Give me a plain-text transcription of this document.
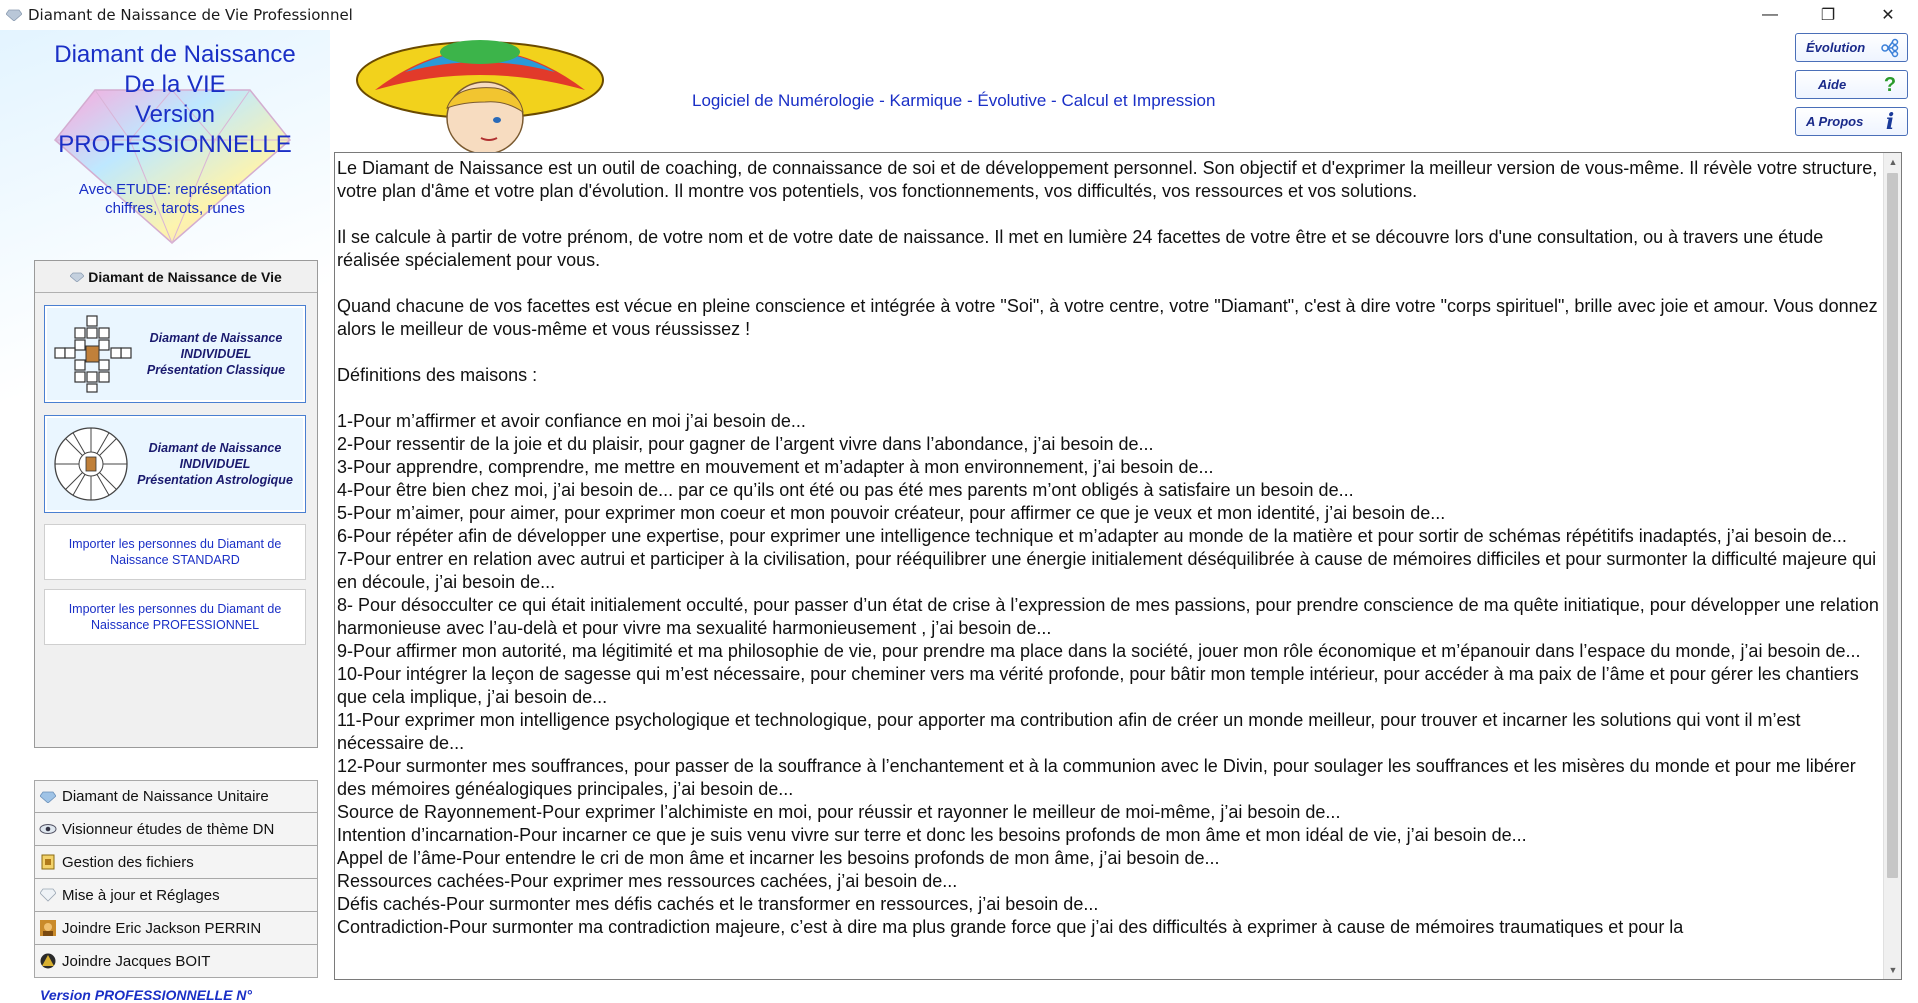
Diamant de Naissance de Vie Professionnel	—	❐	✕
Diamant de Naissance
De la VIE
Version
PROFESSIONNELLE
Avec ETUDE: représentation
chiffres, tarots, runes
Diamant de Naissance de Vie
Diamant de Naissance
INDIVIDUEL
Présentation Classique
Diamant de Naissance
INDIVIDUEL
Présentation Astrologique
Importer les personnes du Diamant de Naissance STANDARD
Importer les personnes du Diamant de Naissance PROFESSIONNEL
Diamant de Naissance Unitaire
Visionneur études de thème DN
Gestion des fichiers
Mise à jour et Réglages
Joindre Eric Jackson PERRIN
Joindre Jacques BOIT
Version PROFESSIONNELLE N°
Logiciel de Numérologie - Karmique - Évolutive - Calcul et Impression
Évolution
Aide ?
A Propos	i

Le Diamant de Naissance est un outil de coaching, de connaissance de soi et de développement personnel. Son objectif et d'exprimer la meilleur version de vous-même. Il révèle votre structure, votre plan d'âme et votre plan d'évolution. Il montre vos potentiels, vos fonctionnements, vos difficultés, vos ressources et vos solutions.

Il se calcule à partir de votre prénom, de votre nom et de votre date de naissance. Il met en lumière 24 facettes de votre être et se découvre lors d'une consultation, ou à travers une étude réalisée spécialement pour vous.

Quand chacune de vos facettes est vécue en pleine conscience et intégrée à votre "Soi", à votre centre, votre "Diamant", c'est à dire votre "corps spirituel", brille avec joie et amour. Vous donnez alors le meilleur de vous-même et vous réussissez !

Définitions des maisons :

1-Pour m’affirmer et avoir confiance en moi j’ai besoin de...

2-Pour ressentir de la joie et du plaisir, pour gagner de l’argent vivre dans l’abondance, j’ai besoin de...

3-Pour apprendre, comprendre, me mettre en mouvement et m’adapter à mon environnement, j’ai besoin de...

4-Pour être bien chez moi, j’ai besoin de... par ce qu’ils ont été ou pas été mes parents m’ont obligés à satisfaire un besoin de...

5-Pour m’aimer, pour aimer, pour exprimer mon coeur et mon pouvoir créateur, pour affirmer ce que je veux et mon identité, j’ai besoin de...

6-Pour répéter afin de développer une expertise, pour exprimer une intelligence technique et m’adapter au monde de la matière et pour sortir de schémas répétitifs inadaptés, j’ai besoin de...

7-Pour entrer en relation avec autrui et participer à la civilisation, pour rééquilibrer une énergie initialement déséquilibrée à cause de mémoires difficiles et pour surmonter la difficulté majeure qui en découle, j’ai besoin de...

8- Pour désocculter ce qui était initialement occulté, pour passer d’un état de crise à l’expression de mes passions, pour prendre conscience de ma quête initiatique, pour développer une relation harmonieuse avec l’au-delà et pour vivre ma sexualité harmonieusement , j’ai besoin de...

9-Pour affirmer mon autorité, ma légitimité et ma philosophie de vie, pour prendre ma place dans la société, jouer mon rôle économique et m’épanouir dans l’espace du monde, j’ai besoin de...

10-Pour intégrer la leçon de sagesse qui m’est nécessaire, pour cheminer vers ma vérité profonde, pour bâtir mon temple intérieur, pour accéder à ma paix de l’âme et pour gérer les chantiers que cela implique, j’ai besoin de...

11-Pour exprimer mon intelligence psychologique et technologique, pour apporter ma contribution afin de créer un monde meilleur, pour trouver et incarner les solutions qui vont il m’est nécessaire de...

12-Pour surmonter mes souffrances, pour passer de la souffrance à l’enchantement et à la communion avec le Divin, pour soulager les souffrances et les misères du monde et pour me libérer des mémoires généalogiques principales, j’ai besoin de...

Source de Rayonnement-Pour exprimer l’alchimiste en moi, pour réussir et rayonner le meilleur de moi-même, j’ai besoin de...

Intention d’incarnation-Pour incarner ce que je suis venu vivre sur terre et donc les besoins profonds de mon âme et mon idéal de vie, j’ai besoin de...

Appel de l’âme-Pour entendre le cri de mon âme et incarner les besoins profonds de mon âme, j’ai besoin de...

Ressources cachées-Pour exprimer mes ressources cachées, j’ai besoin de...

Défis cachés-Pour surmonter mes défis cachés et le transformer en ressources, j’ai besoin de...

Contradiction-Pour surmonter ma contradiction majeure, c’est à dire ma plus grande force que j’ai des difficultés à exprimer à cause de mémoires traumatiques et pour la

▲
▼
